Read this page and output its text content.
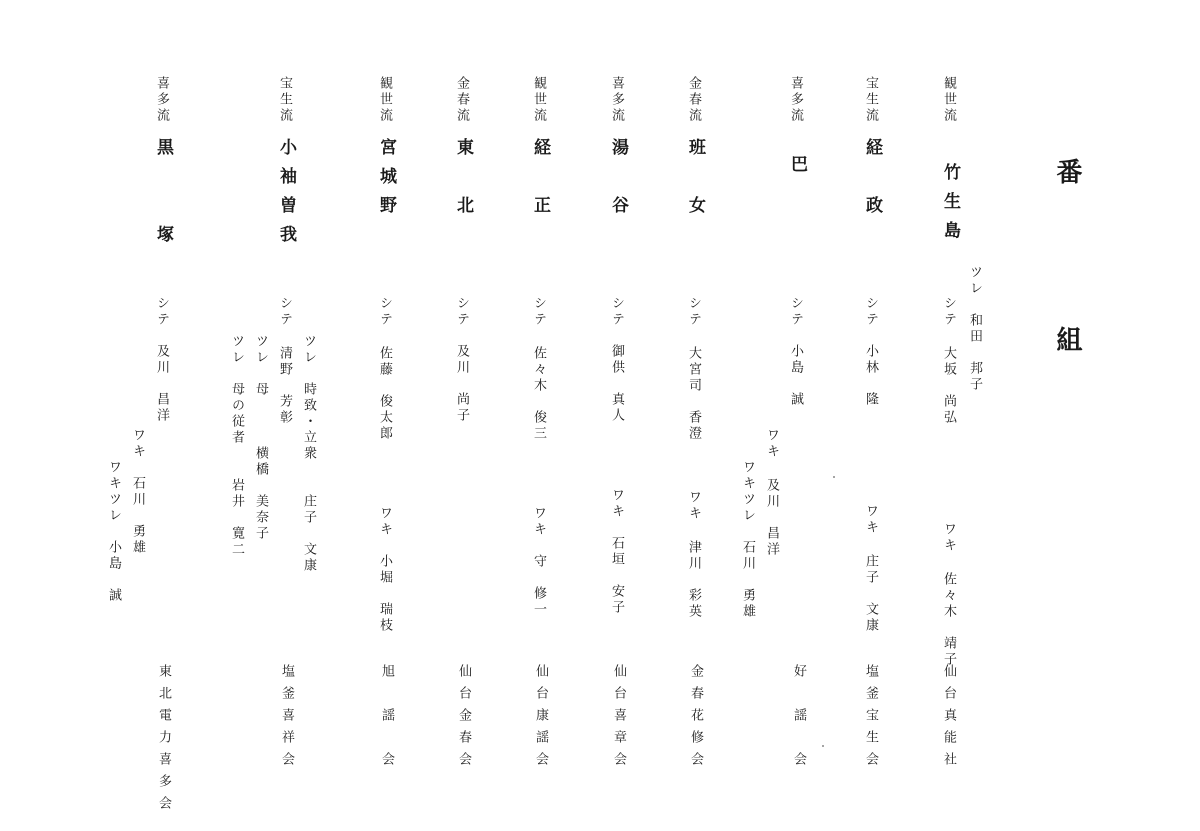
番　組
観世流
竹生島
ツレ　和田　邦子
シテ 大坂　尚弘　　　　　　ワキ 佐々木　靖子
仙台真能社
宝生流
経　政
シテ　小林　隆　　　　　　ワキ 庄子　文康
塩釜宝生会
喜多流
巴
シテ　小島　誠
ワキ 及川　昌洋
ワキツレ　石川　勇雄
好　謡　会
金春流
班　女
シテ 大宮司　香澄　　　ワキ 津川　彩英
金春花修会
喜多流
湯　谷
シテ　御供　真人　　　　ワキ　石垣　安子
仙台喜章会
観世流
経　正
シテ 佐々木　俊三　　　　ワキ　守　修一
仙台康謡会
金春流
東　北
シテ　及川　尚子
仙台金春会
観世流
宮城野
シテ 佐藤　俊太郎　　　　ワキ　小堀　瑞枝
旭　謡　会
宝生流
小袖曽我
ツレ　時致・立衆　　庄子　文康
シテ 清野　芳彰
ツレ　母　　　横橋　美奈子
ツレ　母の従者　　岩井　寛二
塩釜喜祥会
喜多流
黒　　塚
シテ　及川　昌洋
ワキ　石川　勇雄
ワキツレ　小島　誠
東北電力喜多会
